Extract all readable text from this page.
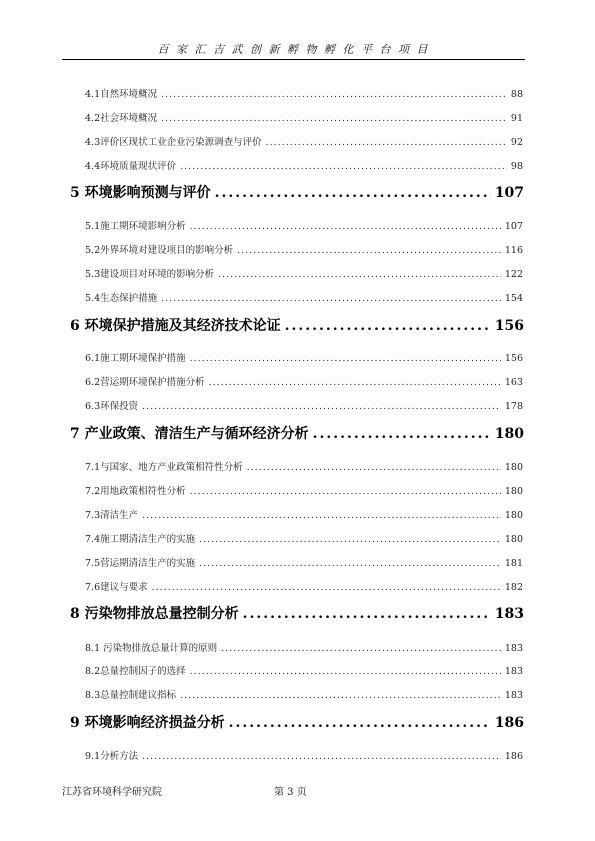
百 家 汇 吉 武 创 新 孵 物 孵 化 平 台 项 目
4.1自然环境概况 .....	88
4.2社会环境概况 .....	91
4.3评价区现状工业企业污染源调查与评价 .....	92
4.4环境质量现状评价 .....	98
5 环境影响预测与评价 .....	107
5.1施工期环境影响分析 .....	107
5.2外界环境对建设项目的影响分析 .....	116
5.3建设项目对环境的影响分析 .....	122
5.4生态保护措施 .....	154
6 环境保护措施及其经济技术论证 .....	156
6.1施工期环境保护措施 .....	156
6.2营运期环境保护措施分析 .....	163
6.3环保投资 .....	178
7 产业政策、清洁生产与循环经济分析 .....	180
7.1与国家、地方产业政策相符性分析 .....	180
7.2用地政策相符性分析 .....	180
7.3清洁生产 .....	180
7.4施工期清洁生产的实施 .....	180
7.5营运期清洁生产的实施 .....	181
7.6建议与要求 .....	182
8 污染物排放总量控制分析 .....	183
8.1 污染物排放总量计算的原则 .....	183
8.2总量控制因子的选择 .....	183
8.3总量控制建议指标 .....	183
9 环境影响经济损益分析 .....	186
9.1分析方法 .....	186
江苏省环境科学研究院	第 3 页
